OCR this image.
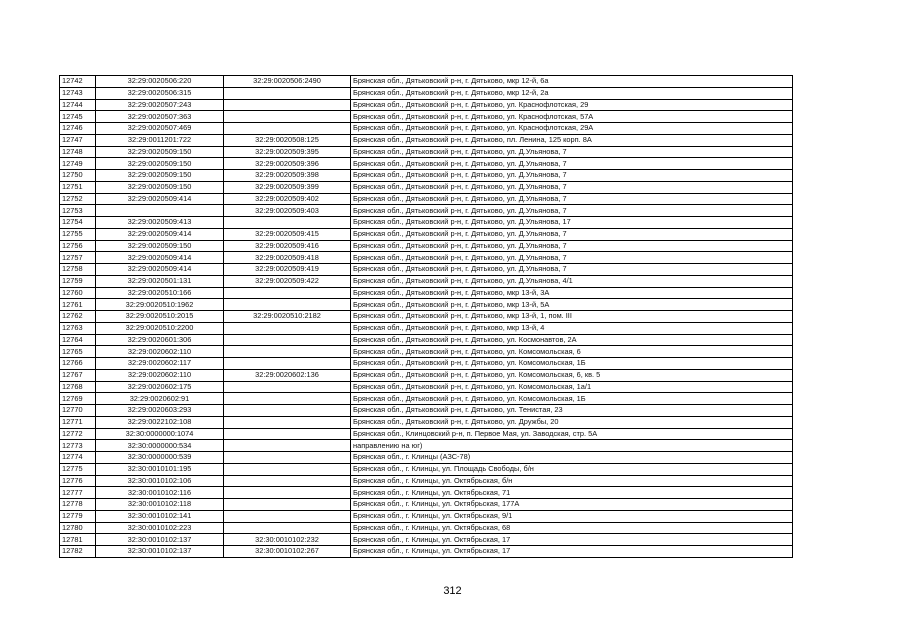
12742	32:29:0020506:220	32:29:0020506:2490	Брянская обл., Дятьковский р-н, г. Дятьково, мкр 12-й, 6а
12743	32:29:0020506:315		Брянская обл., Дятьковский р-н, г. Дятьково, мкр 12-й, 2а
12744	32:29:0020507:243		Брянская обл., Дятьковский р-н, г. Дятьково, ул. Краснофлотская, 29
12745	32:29:0020507:363		Брянская обл., Дятьковский р-н, г. Дятьково, ул. Краснофлотская, 57А
12746	32:29:0020507:469		Брянская обл., Дятьковский р-н, г. Дятьково, ул. Краснофлотская, 29А
12747	32:29:0011201:722	32:29:0020508:125	Брянская обл., Дятьковский р-н, г. Дятьково, пл. Ленина, 125 корп. 8А
12748	32:29:0020509:150	32:29:0020509:395	Брянская обл., Дятьковский р-н, г. Дятьково, ул. Д.Ульянова, 7
12749	32:29:0020509:150	32:29:0020509:396	Брянская обл., Дятьковский р-н, г. Дятьково, ул. Д.Ульянова, 7
12750	32:29:0020509:150	32:29:0020509:398	Брянская обл., Дятьковский р-н, г. Дятьково, ул. Д.Ульянова, 7
12751	32:29:0020509:150	32:29:0020509:399	Брянская обл., Дятьковский р-н, г. Дятьково, ул. Д.Ульянова, 7
12752	32:29:0020509:414	32:29:0020509:402	Брянская обл., Дятьковский р-н, г. Дятьково, ул. Д.Ульянова, 7
12753		32:29:0020509:403	Брянская обл., Дятьковский р-н, г. Дятьково, ул. Д.Ульянова, 7
12754	32:29:0020509:413		Брянская обл., Дятьковский р-н, г. Дятьково, ул. Д.Ульянова, 17
12755	32:29:0020509:414	32:29:0020509:415	Брянская обл., Дятьковский р-н, г. Дятьково, ул. Д.Ульянова, 7
12756	32:29:0020509:150	32:29:0020509:416	Брянская обл., Дятьковский р-н, г. Дятьково, ул. Д.Ульянова, 7
12757	32:29:0020509:414	32:29:0020509:418	Брянская обл., Дятьковский р-н, г. Дятьково, ул. Д.Ульянова, 7
12758	32:29:0020509:414	32:29:0020509:419	Брянская обл., Дятьковский р-н, г. Дятьково, ул. Д.Ульянова, 7
12759	32:29:0020501:131	32:29:0020509:422	Брянская обл., Дятьковский р-н, г. Дятьково, ул. Д.Ульянова, 4/1
12760	32:29:0020510:166		Брянская обл., Дятьковский р-н, г. Дятьково, мкр 13-й, 3А
12761	32:29:0020510:1962		Брянская обл., Дятьковский р-н, г. Дятьково, мкр 13-й, 5А
12762	32:29:0020510:2015	32:29:0020510:2182	Брянская обл., Дятьковский р-н, г. Дятьково, мкр 13-й, 1, пом. III
12763	32:29:0020510:2200		Брянская обл., Дятьковский р-н, г. Дятьково, мкр 13-й, 4
12764	32:29:0020601:306		Брянская обл., Дятьковский р-н, г. Дятьково, ул. Космонавтов, 2А
12765	32:29:0020602:110		Брянская обл., Дятьковский р-н, г. Дятьково, ул. Комсомольская, 6
12766	32:29:0020602:117		Брянская обл., Дятьковский р-н, г. Дятьково, ул. Комсомольская, 1Б
12767	32:29:0020602:110	32:29:0020602:136	Брянская обл., Дятьковский р-н, г. Дятьково, ул. Комсомольская, 6, кв. 5
12768	32:29:0020602:175		Брянская обл., Дятьковский р-н, г. Дятьково, ул. Комсомольская, 1а/1
12769	32:29:0020602:91		Брянская обл., Дятьковский р-н, г. Дятьково, ул. Комсомольская, 1Б
12770	32:29:0020603:293		Брянская обл., Дятьковский р-н, г. Дятьково, ул. Тенистая, 23
12771	32:29:0022102:108		Брянская обл., Дятьковский р-н, г. Дятьково, ул. Дружбы, 20
12772	32:30:0000000:1074		Брянская обл., Клинцовский р-н, п. Первое Мая, ул. Заводская, стр. 5А
12773	32:30:0000000:534		направлению на юг)
12774	32:30:0000000:539		Брянская обл., г. Клинцы (АЗС-78)
12775	32:30:0010101:195		Брянская обл., г. Клинцы, ул. Площадь Свободы, б/н
12776	32:30:0010102:106		Брянская обл., г. Клинцы, ул. Октябрьская, б/н
12777	32:30:0010102:116		Брянская обл., г. Клинцы, ул. Октябрьская, 71
12778	32:30:0010102:118		Брянская обл., г. Клинцы, ул. Октябрьская, 177А
12779	32:30:0010102:141		Брянская обл., г. Клинцы, ул. Октябрьская, 9/1
12780	32:30:0010102:223		Брянская обл., г. Клинцы, ул. Октябрьская, 68
12781	32:30:0010102:137	32:30:0010102:232	Брянская обл., г. Клинцы, ул. Октябрьская, 17
12782	32:30:0010102:137	32:30:0010102:267	Брянская обл., г. Клинцы, ул. Октябрьская, 17
312
